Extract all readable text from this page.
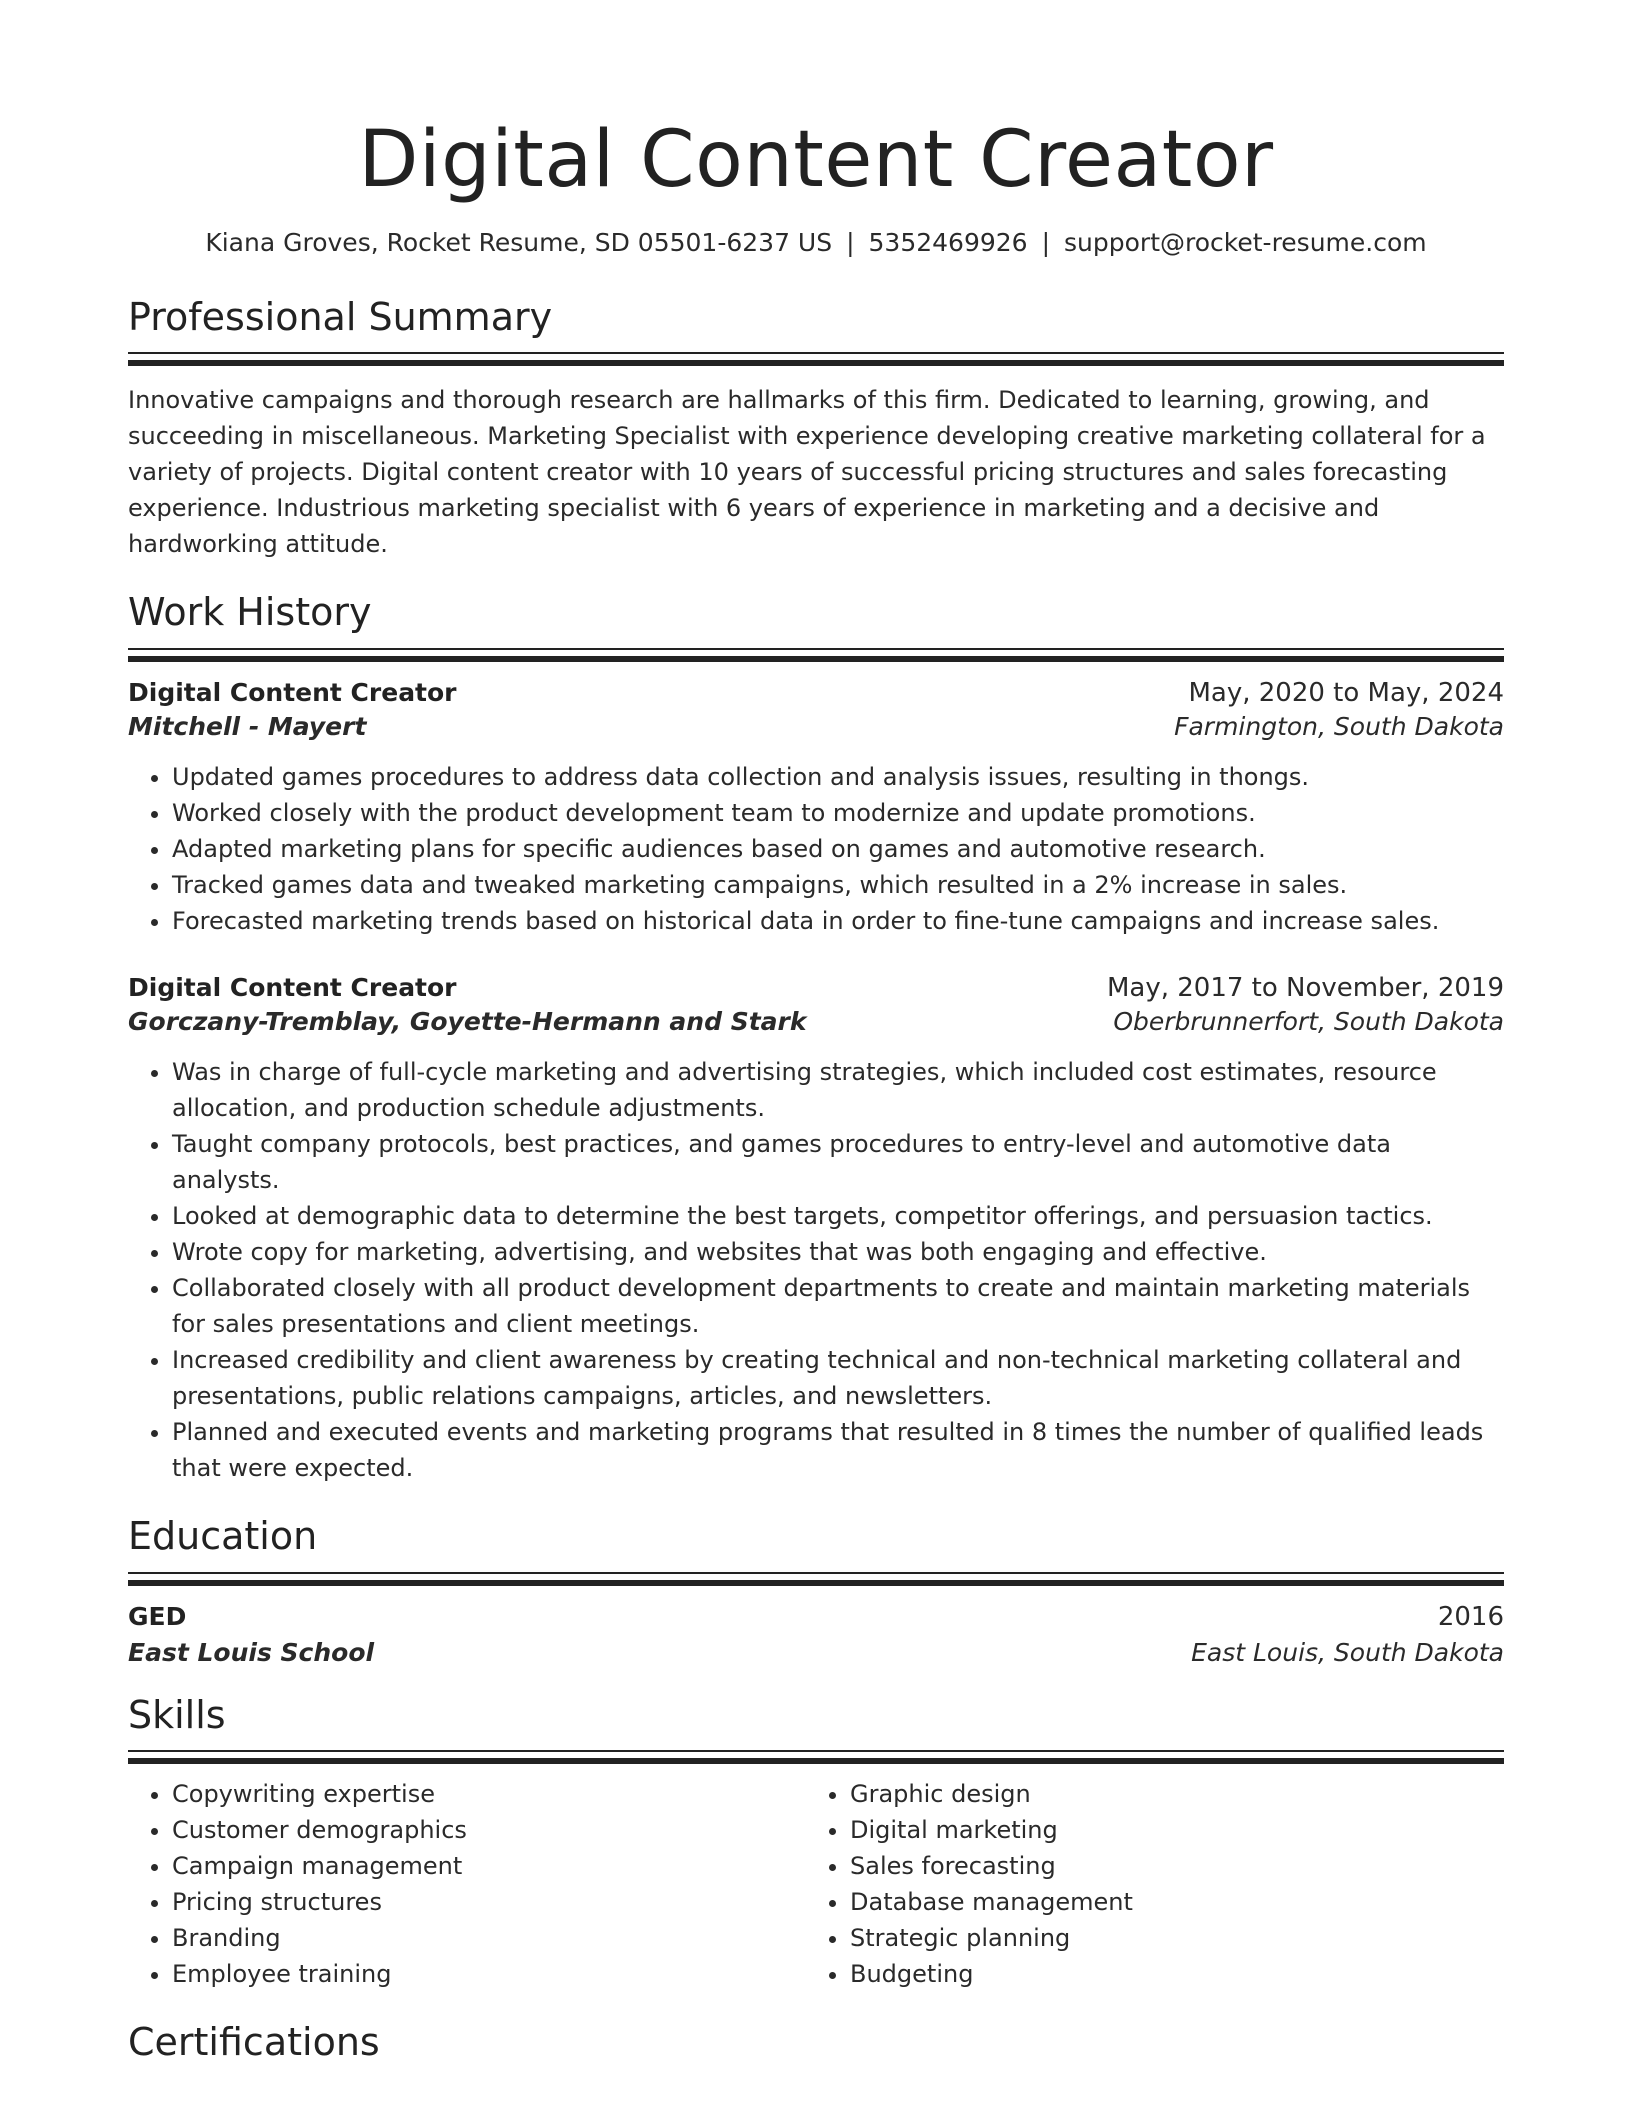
Digital Content Creator
Kiana Groves, Rocket Resume, SD 05501-6237 US | 5352469926 | support@rocket-resume.com
Professional Summary
Innovative campaigns and thorough research are hallmarks of this firm. Dedicated to learning, growing, and succeeding in miscellaneous. Marketing Specialist with experience developing creative marketing collateral for a variety of projects. Digital content creator with 10 years of successful pricing structures and sales forecasting experience. Industrious marketing specialist with 6 years of experience in marketing and a decisive and hardworking attitude.
Work History
Digital Content Creator	May, 2020 to May, 2024
Mitchell - Mayert	Farmington, South Dakota
• Updated games procedures to address data collection and analysis issues, resulting in thongs.
• Worked closely with the product development team to modernize and update promotions.
• Adapted marketing plans for specific audiences based on games and automotive research.
• Tracked games data and tweaked marketing campaigns, which resulted in a 2% increase in sales.
• Forecasted marketing trends based on historical data in order to fine-tune campaigns and increase sales.
Digital Content Creator	May, 2017 to November, 2019
Gorczany-Tremblay, Goyette-Hermann and Stark	Oberbrunnerfort, South Dakota
• Was in charge of full-cycle marketing and advertising strategies, which included cost estimates, resource allocation, and production schedule adjustments.
• Taught company protocols, best practices, and games procedures to entry-level and automotive data analysts.
• Looked at demographic data to determine the best targets, competitor offerings, and persuasion tactics.
• Wrote copy for marketing, advertising, and websites that was both engaging and effective.
• Collaborated closely with all product development departments to create and maintain marketing materials for sales presentations and client meetings.
• Increased credibility and client awareness by creating technical and non-technical marketing collateral and presentations, public relations campaigns, articles, and newsletters.
• Planned and executed events and marketing programs that resulted in 8 times the number of qualified leads that were expected.
Education
GED	2016
East Louis School	East Louis, South Dakota
Skills
• Copywriting expertise
• Customer demographics
• Campaign management
• Pricing structures
• Branding
• Employee training
• Graphic design
• Digital marketing
• Sales forecasting
• Database management
• Strategic planning
• Budgeting
Certifications
